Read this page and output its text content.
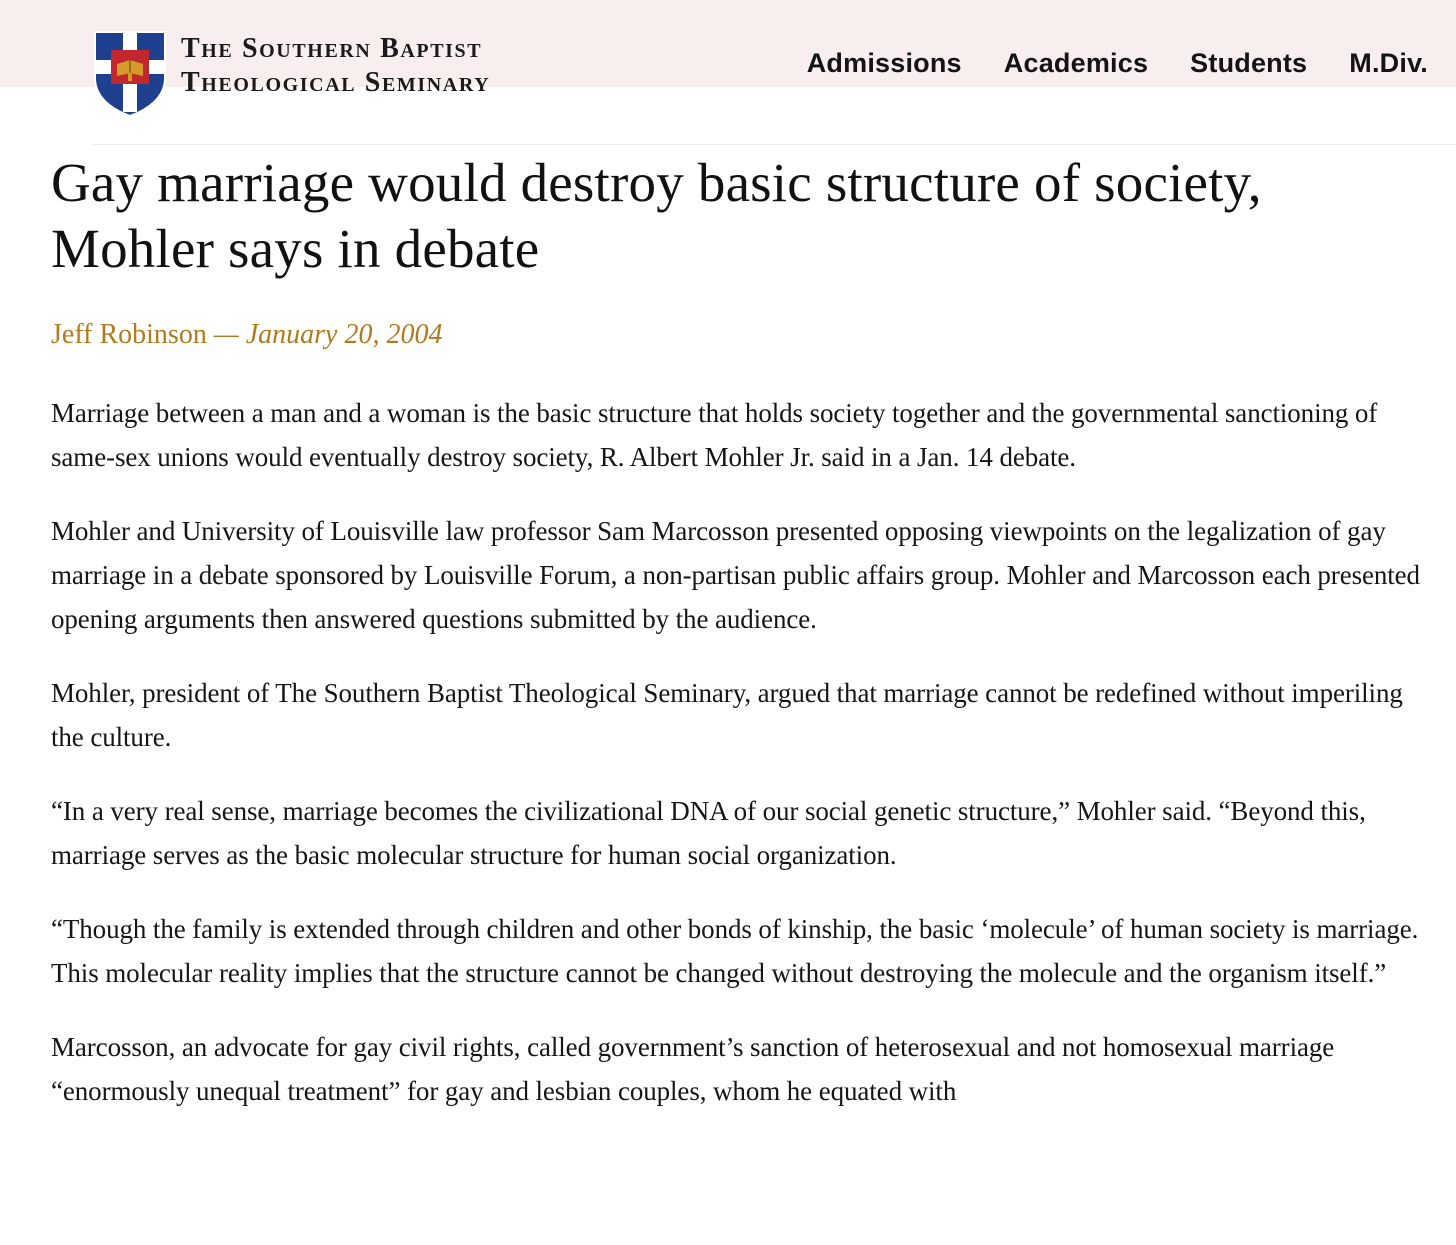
The Southern Baptist
Theological Seminary
Admissions Academics Students M.Div.
Gay marriage would destroy basic structure of society, Mohler says in debate
Jeff Robinson — January 20, 2004

Marriage between a man and a woman is the basic structure that holds society together and the governmental sanctioning of same-sex unions would eventually destroy society, R. Albert Mohler Jr. said in a Jan. 14 debate.

Mohler and University of Louisville law professor Sam Marcosson presented opposing viewpoints on the legalization of gay marriage in a debate sponsored by Louisville Forum, a non-partisan public affairs group. Mohler and Marcosson each presented opening arguments then answered questions submitted by the audience.

Mohler, president of The Southern Baptist Theological Seminary, argued that marriage cannot be redefined without imperiling the culture.

“In a very real sense, marriage becomes the civilizational DNA of our social genetic structure,” Mohler said. “Beyond this, marriage serves as the basic molecular structure for human social organization.

“Though the family is extended through children and other bonds of kinship, the basic ‘molecule’ of human society is marriage. This molecular reality implies that the structure cannot be changed without destroying the molecule and the organism itself.”

Marcosson, an advocate for gay civil rights, called government’s sanction of heterosexual and not homosexual marriage “enormously unequal treatment” for gay and lesbian couples, whom he equated with
